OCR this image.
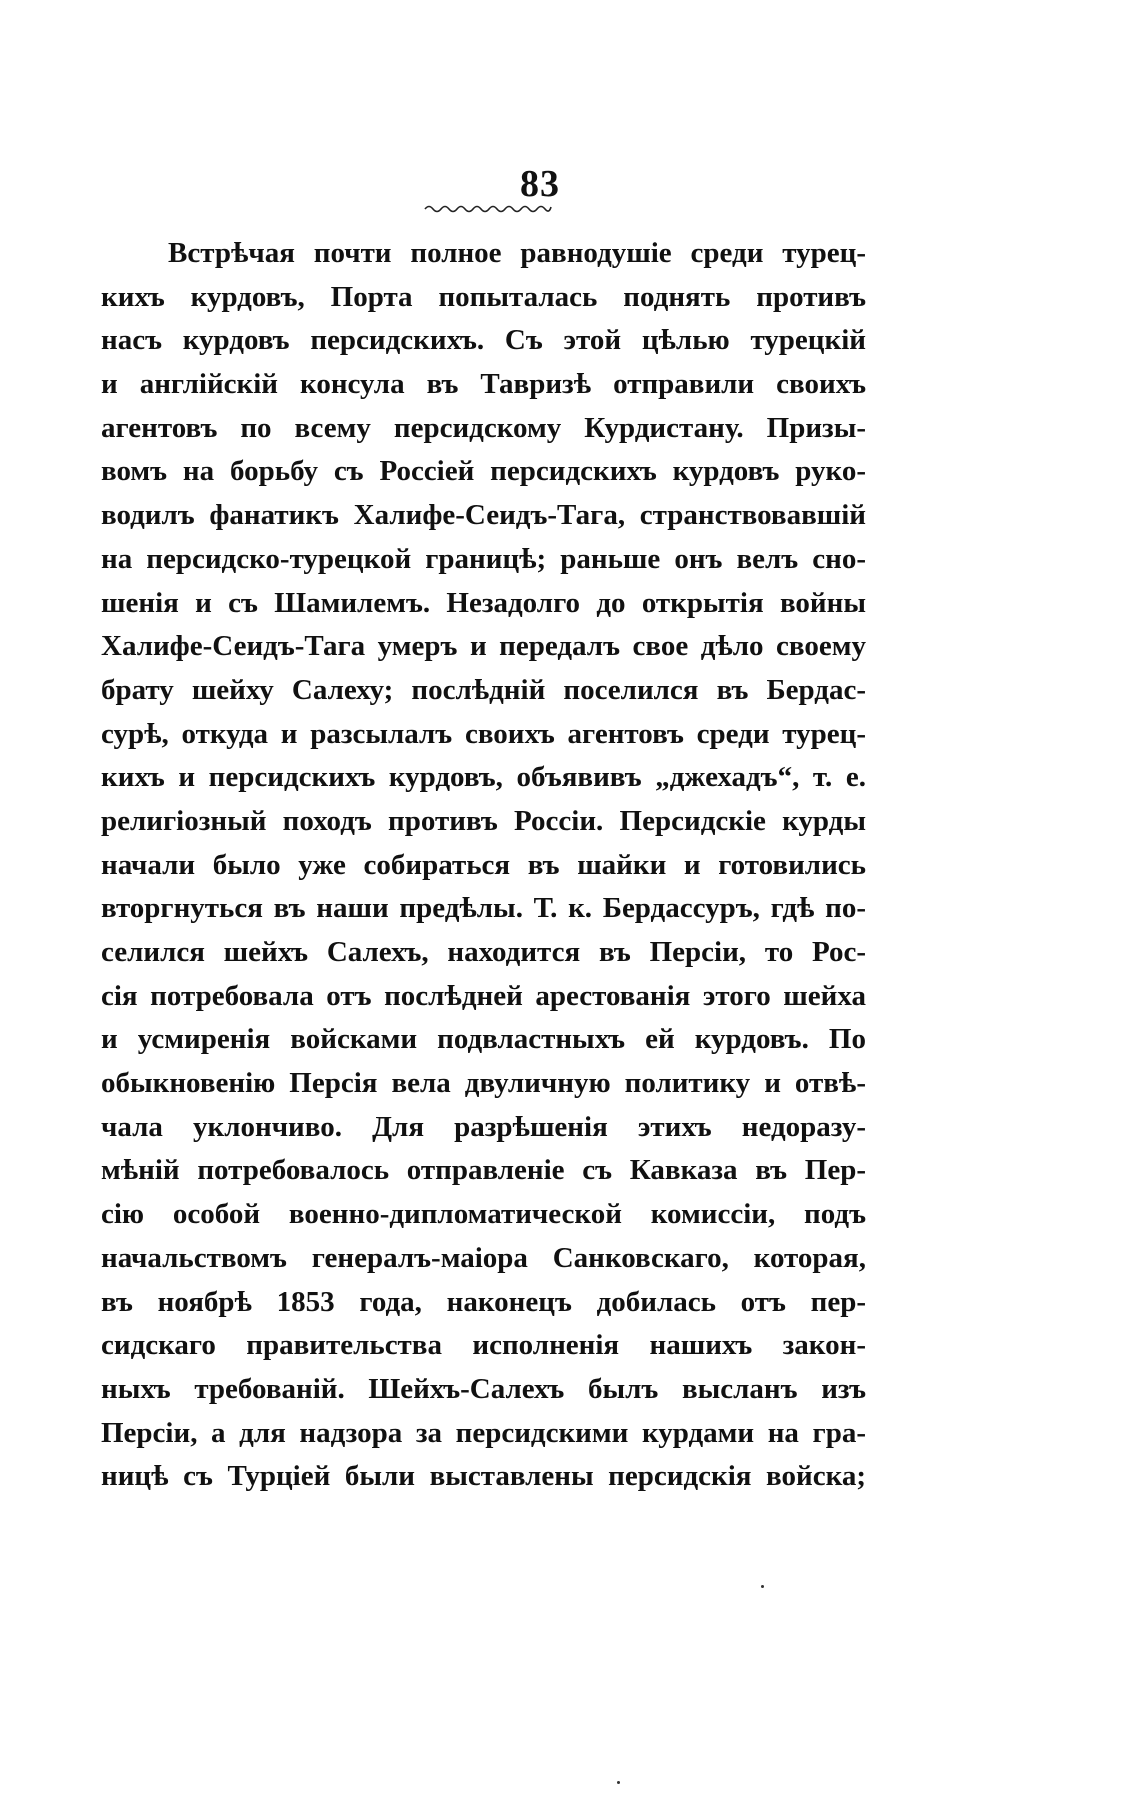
83
Встрѣчая почти полное равнодушіе среди турец-
кихъ курдовъ, Порта попыталась поднять противъ
насъ курдовъ персидскихъ. Съ этой цѣлью турецкій
и англійскій консула въ Тавризѣ отправили своихъ
агентовъ по всему персидскому Курдистану. Призы-
вомъ на борьбу съ Россіей персидскихъ курдовъ руко-
водилъ фанатикъ Халифе-Сеидъ-Тага, странствовавшій
на персидско-турецкой границѣ; раньше онъ велъ сно-
шенія и съ Шамилемъ. Незадолго до открытія войны
Халифе-Сеидъ-Тага умеръ и передалъ свое дѣло своему
брату шейху Салеху; послѣдній поселился въ Бердас-
сурѣ, откуда и разсылалъ своихъ агентовъ среди турец-
кихъ и персидскихъ курдовъ, объявивъ „джехадъ“, т. е.
религіозный походъ противъ Россіи. Персидскіе курды
начали было уже собираться въ шайки и готовились
вторгнуться въ наши предѣлы. Т. к. Бердассуръ, гдѣ по-
селился шейхъ Салехъ, находится въ Персіи, то Рос-
сія потребовала отъ послѣдней арестованія этого шейха
и усмиренія войсками подвластныхъ ей курдовъ. По
обыкновенію Персія вела двуличную политику и отвѣ-
чала уклончиво. Для разрѣшенія этихъ недоразу-
мѣній потребовалось отправленіе съ Кавказа въ Пер-
сію особой военно-дипломатической комиссіи, подъ
начальствомъ генералъ-маіора Санковскаго, которая,
въ ноябрѣ 1853 года, наконецъ добилась отъ пер-
сидскаго правительства исполненія нашихъ закон-
ныхъ требованій. Шейхъ-Салехъ былъ высланъ изъ
Персіи, а для надзора за персидскими курдами на гра-
ницѣ съ Турціей были выставлены персидскія войска;
